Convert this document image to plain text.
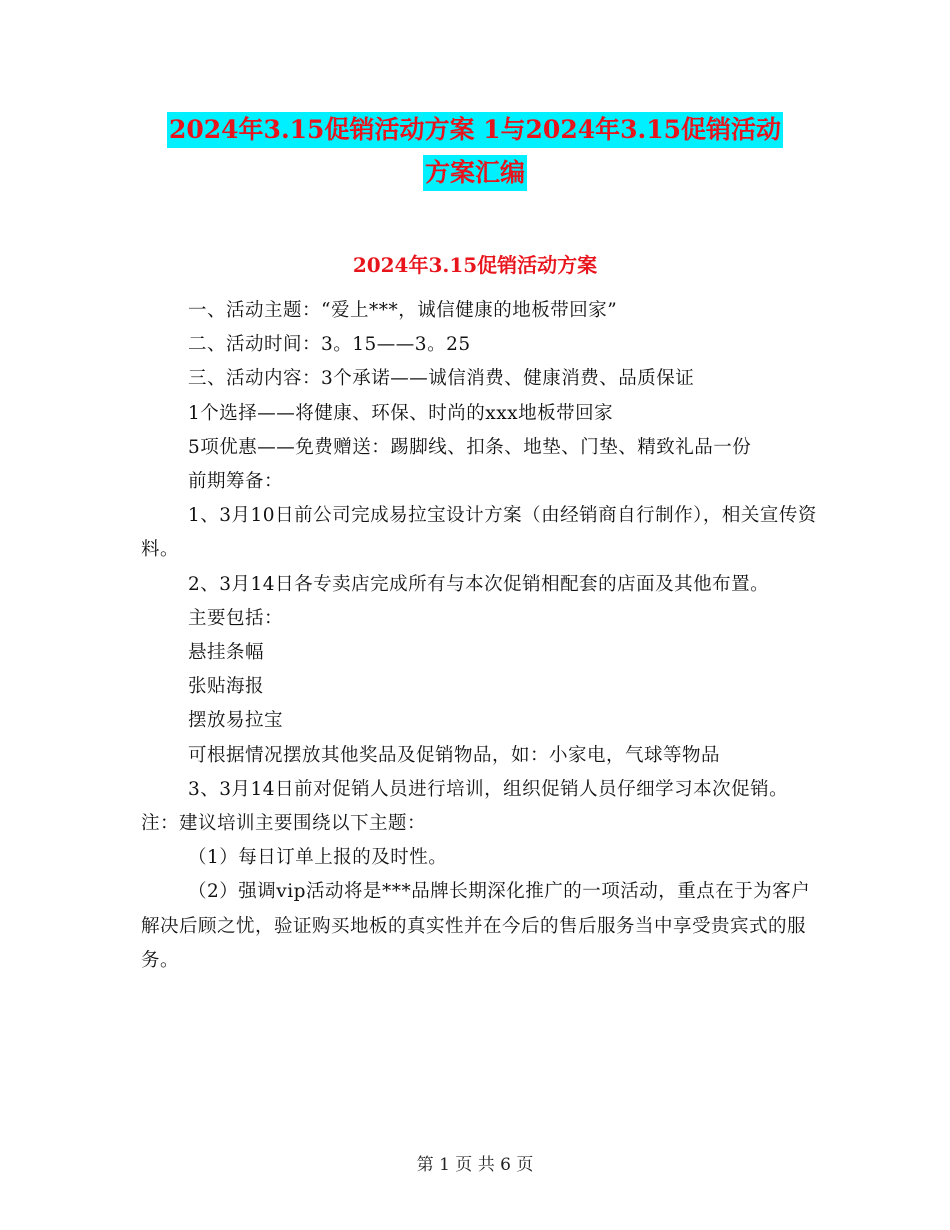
2024年3.15促销活动方案 1与2024年3.15促销活动
方案汇编
2024年3.15促销活动方案

一、活动主题：“爱上***，诚信健康的地板带回家”

二、活动时间：3。15——3。25

三、活动内容：3个承诺——诚信消费、健康消费、品质保证

1个选择——将健康、环保、时尚的xxx地板带回家

5项优惠——免费赠送：踢脚线、扣条、地垫、门垫、精致礼品一份

前期筹备：

1、3月10日前公司完成易拉宝设计方案（由经销商自行制作），相关宣传资料。

2、3月14日各专卖店完成所有与本次促销相配套的店面及其他布置。

主要包括：

悬挂条幅

张贴海报

摆放易拉宝

可根据情况摆放其他奖品及促销物品，如：小家电，气球等物品

3、3月14日前对促销人员进行培训，组织促销人员仔细学习本次促销。注：建议培训主要围绕以下主题：

（1）每日订单上报的及时性。

（2）强调vip活动将是***品牌长期深化推广的一项活动，重点在于为客户解决后顾之忧，验证购买地板的真实性并在今后的售后服务当中享受贵宾式的服务。

第 1 页 共 6 页
